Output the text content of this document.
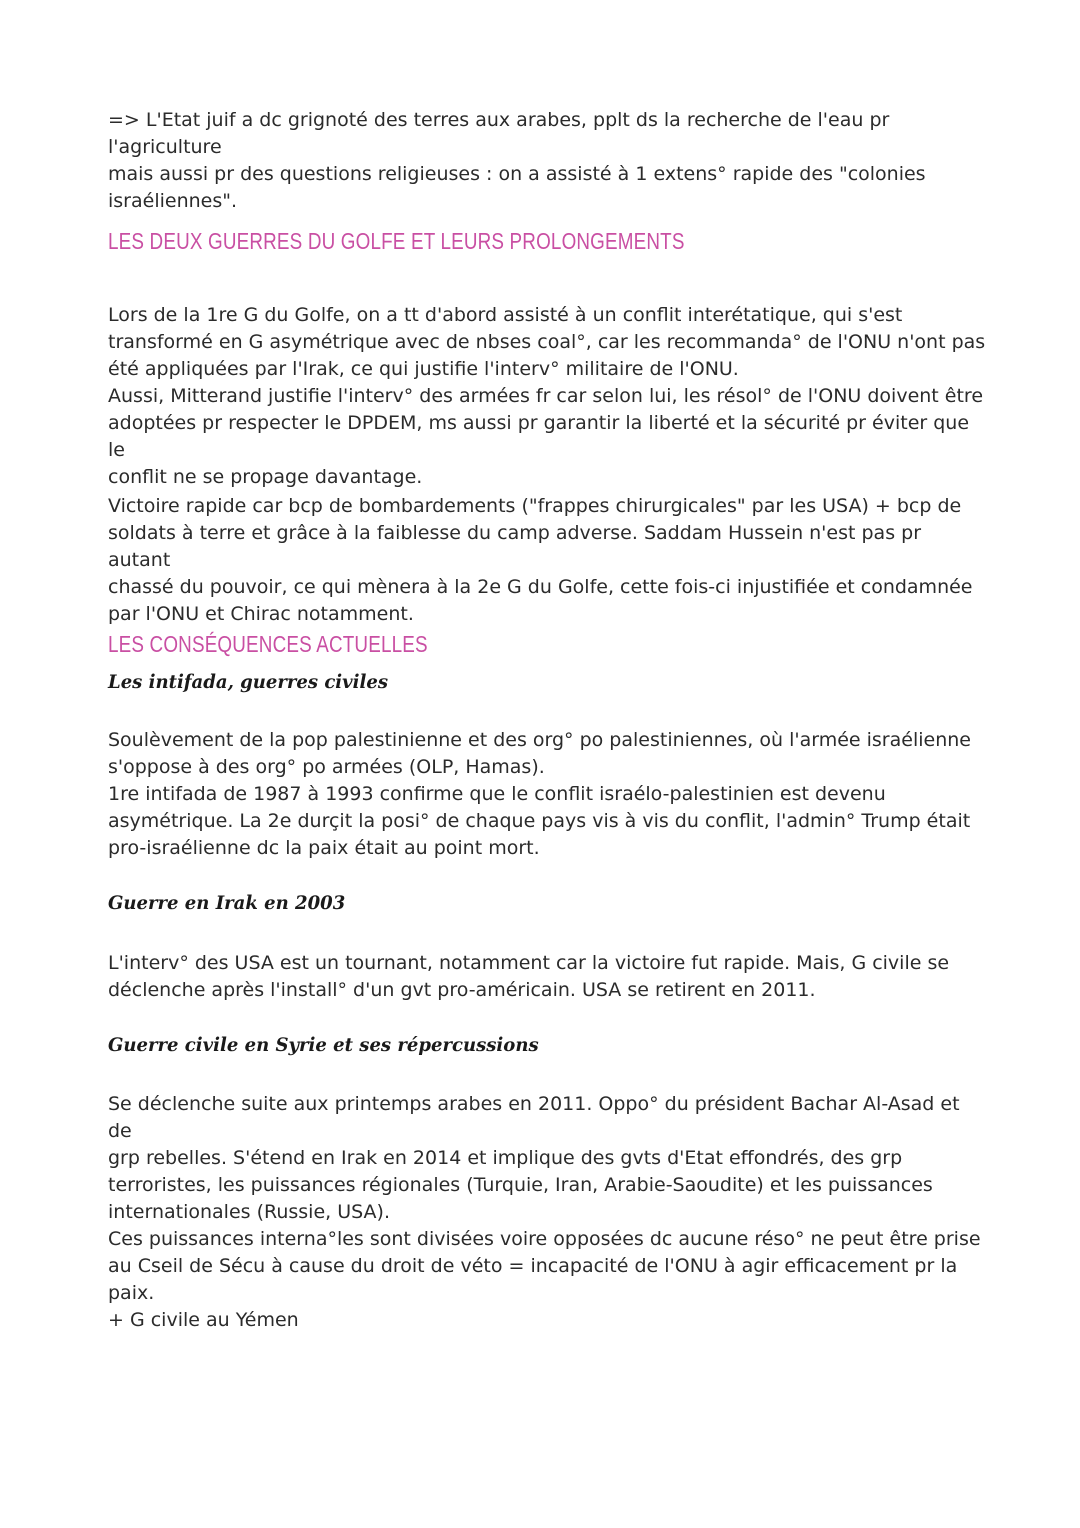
=> L'Etat juif a dc grignoté des terres aux arabes, pplt ds la recherche de l'eau pr l'agriculture
mais aussi pr des questions religieuses : on a assisté à 1 extens° rapide des "colonies
israéliennes".

LES DEUX GUERRES DU GOLFE ET LEURS PROLONGEMENTS

Lors de la 1re G du Golfe, on a tt d'abord assisté à un conflit interétatique, qui s'est
transformé en G asymétrique avec de nbses coal°, car les recommanda° de l'ONU n'ont pas
été appliquées par l'Irak, ce qui justifie l'interv° militaire de l'ONU.
Aussi, Mitterand justifie l'interv° des armées fr car selon lui, les résol° de l'ONU doivent être
adoptées pr respecter le DPDEM, ms aussi pr garantir la liberté et la sécurité pr éviter que le
conflit ne se propage davantage.

Victoire rapide car bcp de bombardements ("frappes chirurgicales" par les USA) + bcp de
soldats à terre et grâce à la faiblesse du camp adverse. Saddam Hussein n'est pas pr autant
chassé du pouvoir, ce qui mènera à la 2e G du Golfe, cette fois-ci injustifiée et condamnée
par l'ONU et Chirac notamment.

LES CONSÉQUENCES ACTUELLES
Les intifada, guerres civiles

Soulèvement de la pop palestinienne et des org° po palestiniennes, où l'armée israélienne
s'oppose à des org° po armées (OLP, Hamas).
1re intifada de 1987 à 1993 confirme que le conflit israélo-palestinien est devenu
asymétrique. La 2e durçit la posi° de chaque pays vis à vis du conflit, l'admin° Trump était
pro-israélienne dc la paix était au point mort.

Guerre en Irak en 2003

L'interv° des USA est un tournant, notamment car la victoire fut rapide. Mais, G civile se
déclenche après l'install° d'un gvt pro-américain. USA se retirent en 2011.

Guerre civile en Syrie et ses répercussions

Se déclenche suite aux printemps arabes en 2011. Oppo° du président Bachar Al-Asad et de
grp rebelles. S'étend en Irak en 2014 et implique des gvts d'Etat effondrés, des grp
terroristes, les puissances régionales (Turquie, Iran, Arabie-Saoudite) et les puissances
internationales (Russie, USA).
Ces puissances interna°les sont divisées voire opposées dc aucune réso° ne peut être prise
au Cseil de Sécu à cause du droit de véto = incapacité de l'ONU à agir efficacement pr la paix.
+ G civile au Yémen
